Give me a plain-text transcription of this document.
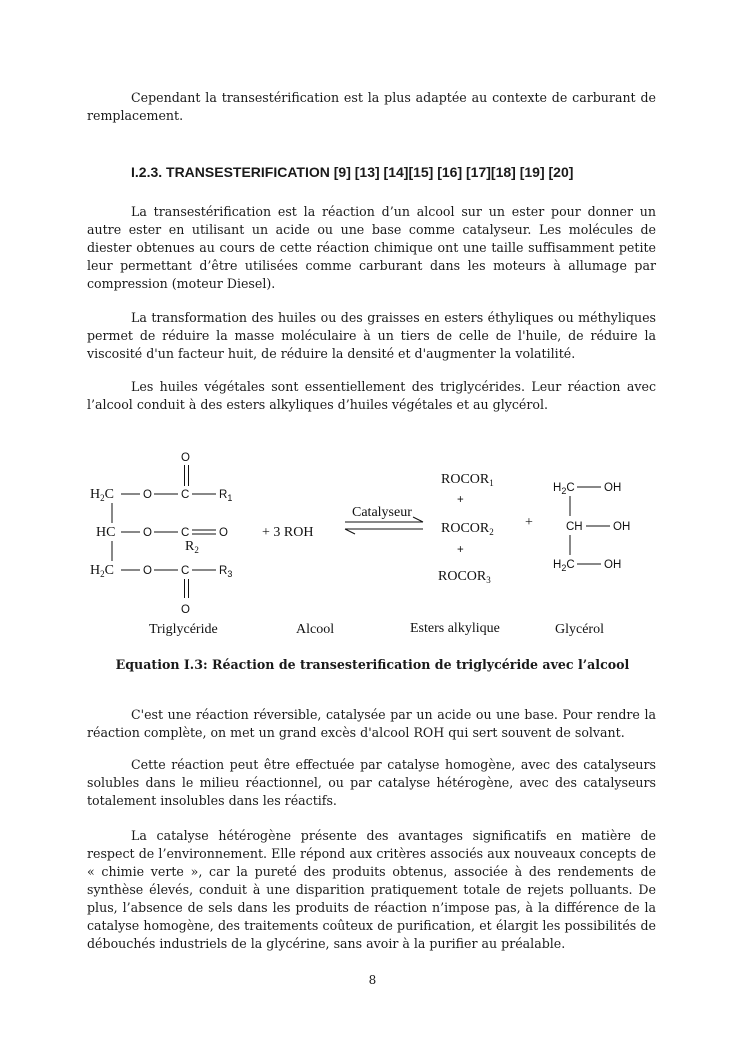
Cependant la transestérification est la plus adaptée au contexte de carburant de remplacement.

I.2.3. TRANSESTERIFICATION [9] [13] [14][15] [16] [17][18] [19] [20]

La transestérification est la réaction d’un alcool sur un ester pour donner un autre ester en utilisant un acide ou une base comme catalyseur. Les molécules de diester obtenues au cours de cette réaction chimique ont une taille suffisamment petite leur permettant d’être utilisées comme carburant dans les moteurs à allumage par compression (moteur Diesel).

La transformation des huiles ou des graisses en esters éthyliques ou méthyliques permet de réduire la masse moléculaire à un tiers de celle de l'huile, de réduire la viscosité d'un facteur huit, de réduire la densité et d'augmenter la volatilité.

Les huiles végétales sont essentiellement des triglycérides. Leur réaction avec l’alcool conduit à des esters alkyliques d’huiles végétales et au glycérol.

O
$H_2C$	O	C	$R_1$
HC O	C	O
$R_2$
$H_2C$	O	C	$R_3$
O
+ 3 ROH
Catalyseur
$ROCOR_1$
+
$ROCOR_2$
+
$ROCOR_3$
+
$H_2C$	OH
CH	OH
$H_2C$	OH
Triglycéride	Alcool	Esters alkylique	Glycérol
Equation I.3: Réaction de transesterification de triglycéride avec l’alcool

C'est une réaction réversible, catalysée par un acide ou une base. Pour rendre la réaction complète, on met un grand excès d'alcool ROH qui sert souvent de solvant.

Cette réaction peut être effectuée par catalyse homogène, avec des catalyseurs solubles dans le milieu réactionnel, ou par catalyse hétérogène, avec des catalyseurs totalement insolubles dans les réactifs.

La catalyse hétérogène présente des avantages significatifs en matière de respect de l’environnement. Elle répond aux critères associés aux nouveaux concepts de « chimie verte », car la pureté des produits obtenus, associée à des rendements de synthèse élevés, conduit à une disparition pratiquement totale de rejets polluants. De plus, l’absence de sels dans les produits de réaction n’impose pas, à la différence de la catalyse homogène, des traitements coûteux de purification, et élargit les possibilités de débouchés industriels de la glycérine, sans avoir à la purifier au préalable.

8
